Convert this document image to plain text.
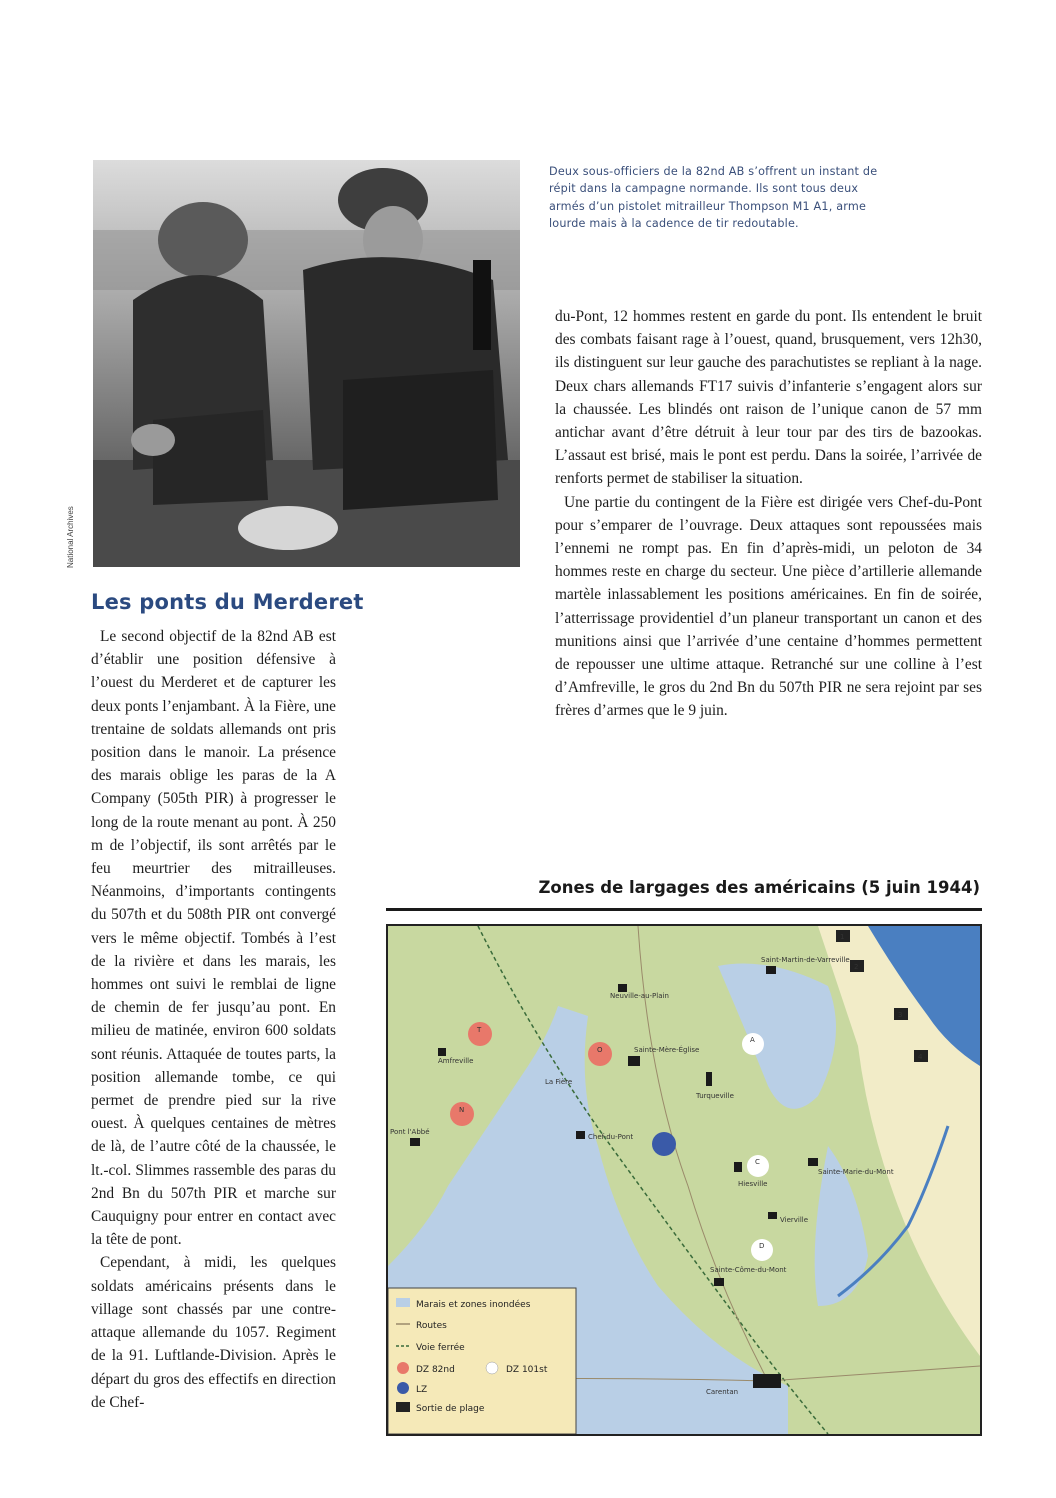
National Archives
Deux sous-officiers de la 82nd AB s’offrent un instant de répit dans la campagne normande. Ils sont tous deux armés d’un pistolet mitrailleur Thompson M1 A1, arme lourde mais à la cadence de tir redoutable.
Les ponts du Merderet

Le second objectif de la 82nd AB est d’établir une position défensive à l’ouest du Merderet et de capturer les deux ponts l’enjambant. À la Fière, une trentaine de soldats allemands ont pris position dans le manoir. La présence des marais oblige les paras de la A Company (505th PIR) à progresser le long de la route menant au pont. À 250 m de l’objectif, ils sont arrêtés par le feu meurtrier des mitrailleuses. Néanmoins, d’importants contingents du 507th et du 508th PIR ont convergé vers le même objectif. Tombés à l’est de la rivière et dans les marais, les hommes ont suivi le remblai de ligne de chemin de fer jusqu’au pont. En milieu de matinée, environ 600 soldats sont réunis. Attaquée de toutes parts, la position allemande tombe, ce qui permet de prendre pied sur la rive ouest. À quelques centaines de mètres de là, de l’autre côté de la chaussée, le lt.-col. Slimmes rassemble des paras du 2nd Bn du 507th PIR et marche sur Cauquigny pour entrer en contact avec la tête de pont.

Cependant, à midi, les quelques soldats américains présents dans le village sont chassés par une contre-attaque allemande du 1057. Regiment de la 91. Luftlande-Division. Après le départ du gros des effectifs en direction de Chef-

du-Pont, 12 hommes restent en garde du pont. Ils entendent le bruit des combats faisant rage à l’ouest, quand, brusquement, vers 12h30, ils distinguent sur leur gauche des parachutistes se repliant à la nage. Deux chars allemands FT17 suivis d’infanterie s’engagent alors sur la chaussée. Les blindés ont raison de l’unique canon de 57 mm antichar avant d’être détruit à leur tour par des tirs de bazookas. L’assaut est brisé, mais le pont est perdu. Dans la soirée, l’arrivée de renforts permet de stabiliser la situation.

Une partie du contingent de la Fière est dirigée vers Chef-du-Pont pour s’emparer de l’ouvrage. Deux attaques sont repoussées mais l’ennemi ne rompt pas. En fin d’après-midi, un peloton de 34 hommes reste en charge du secteur. Une pièce d’artillerie allemande martèle inlassablement les positions américaines. En fin de soirée, l’atterrissage providentiel d’un planeur transportant un canon et des munitions ainsi que l’arrivée d’une centaine d’hommes permettent de repousser une ultime attaque. Retranché sur une colline à l’est d’Amfreville, le gros du 2nd Bn du 507th PIR ne sera rejoint par ses frères d’armes que le 9 juin.

Zones de largages des américains (5 juin 1944)
Saint-Martin-de-Varreville
Neuville-au-Plain
Sainte-Mère-Église
Amfreville
La Fière
Turqueville
Pont l'Abbé
Chef-du-Pont
Hiesville
Sainte-Marie-du-Mont
Vierville
Sainte-Côme-du-Mont
Carentan
T
O
N
A
C
D
1
2
3
4
Marais et zones inondées
Routes
Voie ferrée
DZ 82nd	DZ 101st
LZ
Sortie de plage
